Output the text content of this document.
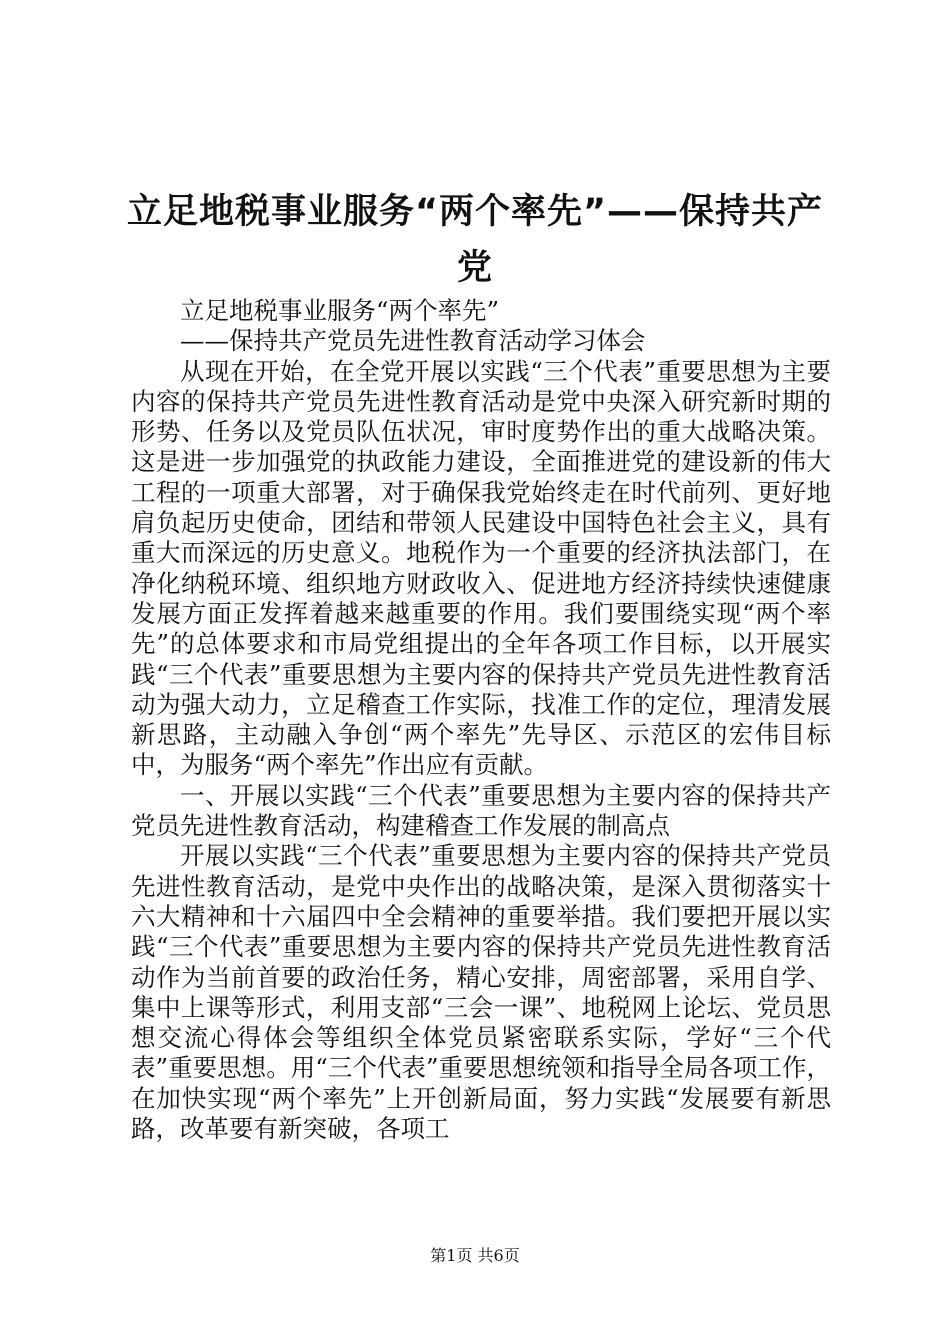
立足地税事业服务“两个率先”——保持共产
党

立足地税事业服务“两个率先”

——保持共产党员先进性教育活动学习体会

从现在开始，在全党开展以实践“三个代表”重要思想为主要内容的保持共产党员先进性教育活动是党中央深入研究新时期的形势、任务以及党员队伍状况，审时度势作出的重大战略决策。这是进一步加强党的执政能力建设，全面推进党的建设新的伟大工程的一项重大部署，对于确保我党始终走在时代前列、更好地肩负起历史使命，团结和带领人民建设中国特色社会主义，具有重大而深远的历史意义。地税作为一个重要的经济执法部门，在净化纳税环境、组织地方财政收入、促进地方经济持续快速健康发展方面正发挥着越来越重要的作用。我们要围绕实现“两个率先”的总体要求和市局党组提出的全年各项工作目标，以开展实践“三个代表”重要思想为主要内容的保持共产党员先进性教育活动为强大动力，立足稽查工作实际，找准工作的定位，理清发展新思路，主动融入争创“两个率先”先导区、示范区的宏伟目标中，为服务“两个率先”作出应有贡献。

一、开展以实践“三个代表”重要思想为主要内容的保持共产党员先进性教育活动，构建稽查工作发展的制高点

开展以实践“三个代表”重要思想为主要内容的保持共产党员先进性教育活动，是党中央作出的战略决策，是深入贯彻落实十六大精神和十六届四中全会精神的重要举措。我们要把开展以实践“三个代表”重要思想为主要内容的保持共产党员先进性教育活动作为当前首要的政治任务，精心安排，周密部署，采用自学、集中上课等形式，利用支部“三会一课”、地税网上论坛、党员思想交流心得体会等组织全体党员紧密联系实际，学好“三个代表”重要思想。用“三个代表”重要思想统领和指导全局各项工作，在加快实现“两个率先”上开创新局面，努力实践“发展要有新思路，改革要有新突破，各项工

第1页 共6页
